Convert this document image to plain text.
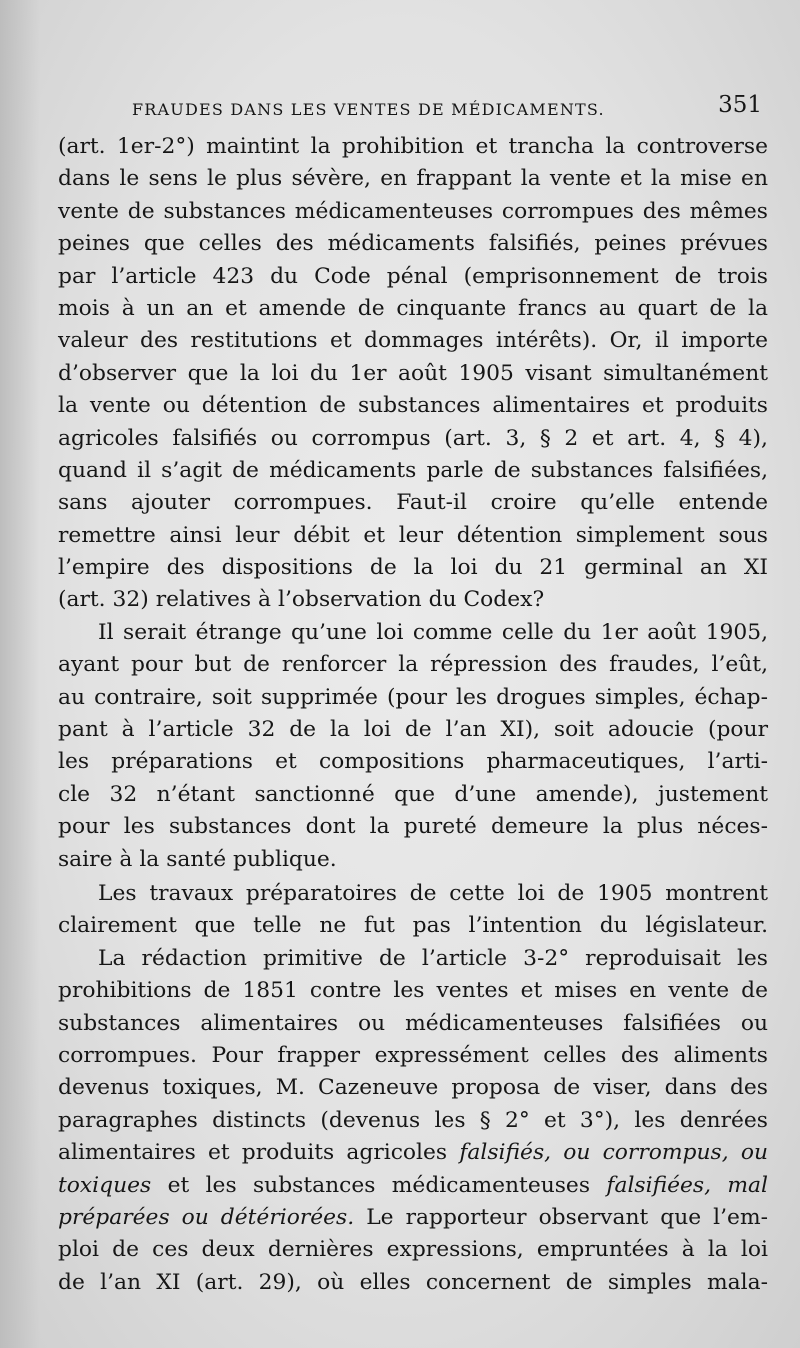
FRAUDES DANS LES VENTES DE MÉDICAMENTS.	351
(art. 1er-2°) maintint la prohibition et trancha la controverse
dans le sens le plus sévère, en frappant la vente et la mise en
vente de substances médicamenteuses corrompues des mêmes
peines que celles des médicaments falsifiés, peines prévues
par l’article 423 du Code pénal (emprisonnement de trois
mois à un an et amende de cinquante francs au quart de la
valeur des restitutions et dommages intérêts). Or, il importe
d’observer que la loi du 1er août 1905 visant simultanément
la vente ou détention de substances alimentaires et produits
agricoles falsifiés ou corrompus (art. 3, § 2 et art. 4, § 4),
quand il s’agit de médicaments parle de substances falsifiées,
sans ajouter corrompues. Faut-il croire qu’elle entende
remettre ainsi leur débit et leur détention simplement sous
l’empire des dispositions de la loi du 21 germinal an XI
(art. 32) relatives à l’observation du Codex?
Il serait étrange qu’une loi comme celle du 1er août 1905,
ayant pour but de renforcer la répression des fraudes, l’eût,
au contraire, soit supprimée (pour les drogues simples, échap-
pant à l’article 32 de la loi de l’an XI), soit adoucie (pour
les préparations et compositions pharmaceutiques, l’arti-
cle 32 n’étant sanctionné que d’une amende), justement
pour les substances dont la pureté demeure la plus néces-
saire à la santé publique.
Les travaux préparatoires de cette loi de 1905 montrent
clairement que telle ne fut pas l’intention du législateur.
La rédaction primitive de l’article 3-2° reproduisait les
prohibitions de 1851 contre les ventes et mises en vente de
substances alimentaires ou médicamenteuses falsifiées ou
corrompues. Pour frapper expressément celles des aliments
devenus toxiques, M. Cazeneuve proposa de viser, dans des
paragraphes distincts (devenus les § 2° et 3°), les denrées
alimentaires et produits agricoles falsifiés, ou corrompus, ou
toxiques et les substances médicamenteuses falsifiées, mal
préparées ou détériorées. Le rapporteur observant que l’em-
ploi de ces deux dernières expressions, empruntées à la loi
de l’an XI (art. 29), où elles concernent de simples mala-
